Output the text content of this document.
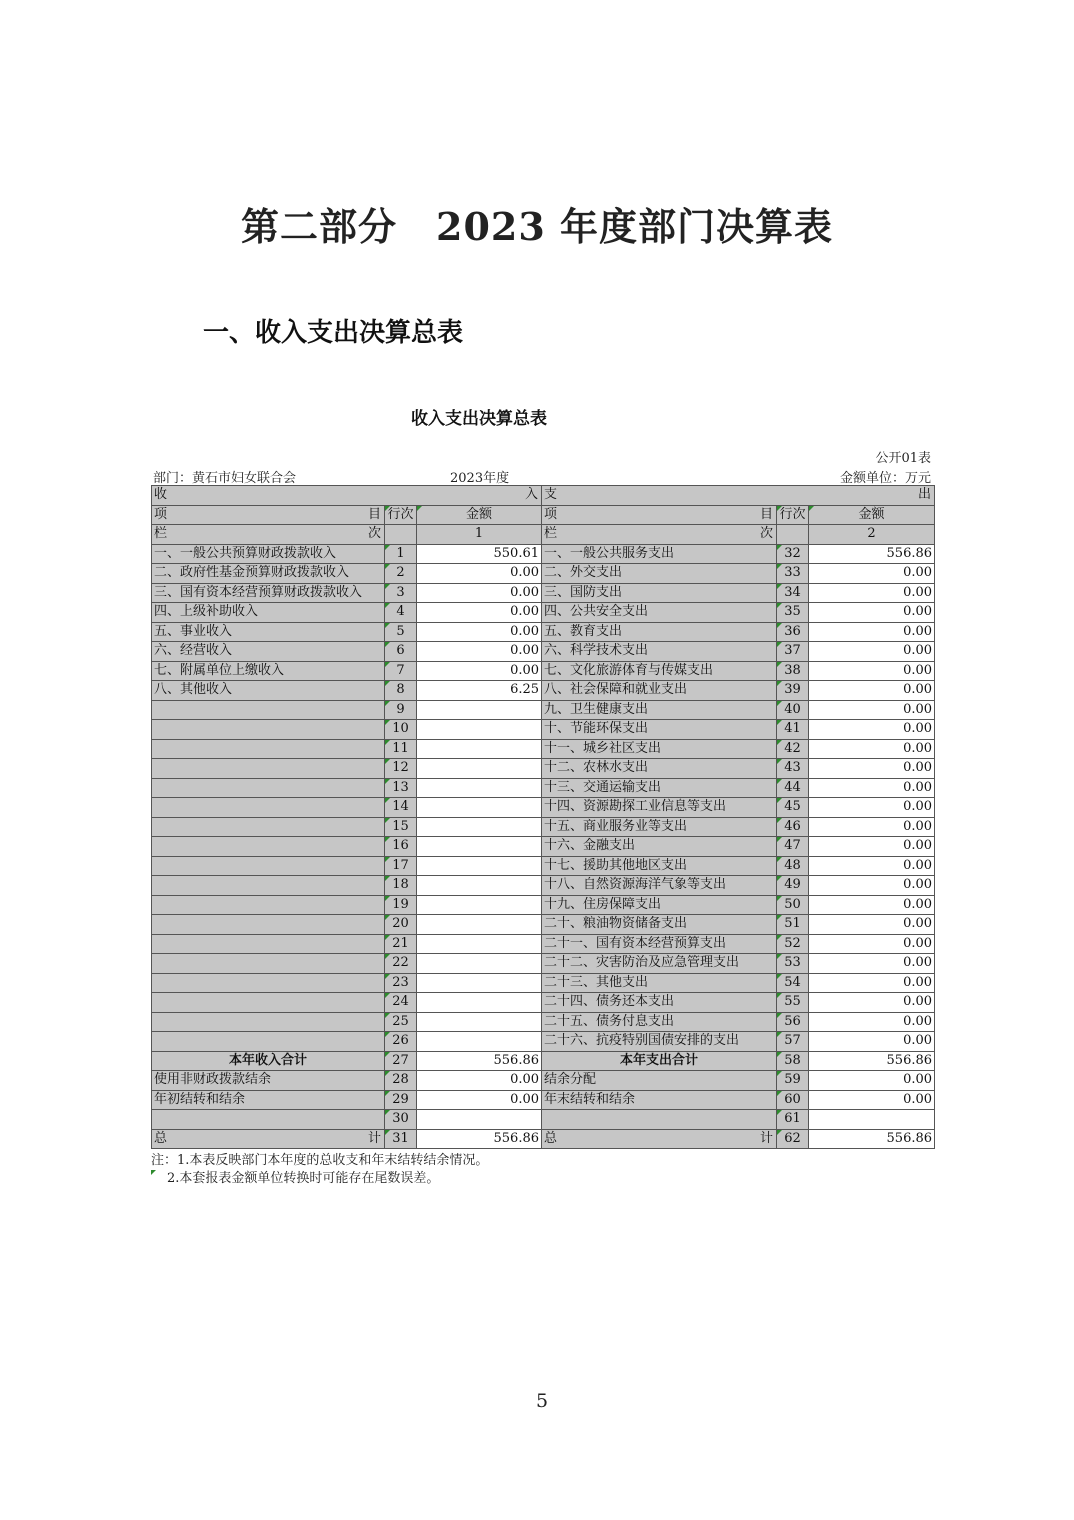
第二部分　2023 年度部门决算表
一、收入支出决算总表
收入支出决算总表
公开01表
部门：黄石市妇女联合会	2023年度	金额单位：万元
收 入			支 出		

项 目	行次	金额	项 目	行次	金额
栏 次		1	栏 次		2
一、一般公共预算财政拨款收入	1	550.61	一、一般公共服务支出	32	556.86
二、政府性基金预算财政拨款收入	2	0.00	二、外交支出	33	0.00
三、国有资本经营预算财政拨款收入	3	0.00	三、国防支出	34	0.00
四、上级补助收入	4	0.00	四、公共安全支出	35	0.00
五、事业收入	5	0.00	五、教育支出	36	0.00
六、经营收入	6	0.00	六、科学技术支出	37	0.00
七、附属单位上缴收入	7	0.00	七、文化旅游体育与传媒支出	38	0.00
八、其他收入	8	6.25	八、社会保障和就业支出	39	0.00
	9		九、卫生健康支出	40	0.00
	10		十、节能环保支出	41	0.00
	11		十一、城乡社区支出	42	0.00
	12		十二、农林水支出	43	0.00
	13		十三、交通运输支出	44	0.00
	14		十四、资源勘探工业信息等支出	45	0.00
	15		十五、商业服务业等支出	46	0.00
	16		十六、金融支出	47	0.00
	17		十七、援助其他地区支出	48	0.00
	18		十八、自然资源海洋气象等支出	49	0.00
	19		十九、住房保障支出	50	0.00
	20		二十、粮油物资储备支出	51	0.00
	21		二十一、国有资本经营预算支出	52	0.00
	22		二十二、灾害防治及应急管理支出	53	0.00
	23		二十三、其他支出	54	0.00
	24		二十四、债务还本支出	55	0.00
	25		二十五、债务付息支出	56	0.00
	26		二十六、抗疫特别国债安排的支出	57	0.00
本年收入合计	27	556.86	本年支出合计	58	556.86
使用非财政拨款结余	28	0.00	结余分配	59	0.00
年初结转和结余	29	0.00	年末结转和结余	60	0.00
	30			61	
总 计	31	556.86	总 计	62	556.86
注：1.本表反映部门本年度的总收支和年末结转结余情况。
2.本套报表金额单位转换时可能存在尾数误差。
5
